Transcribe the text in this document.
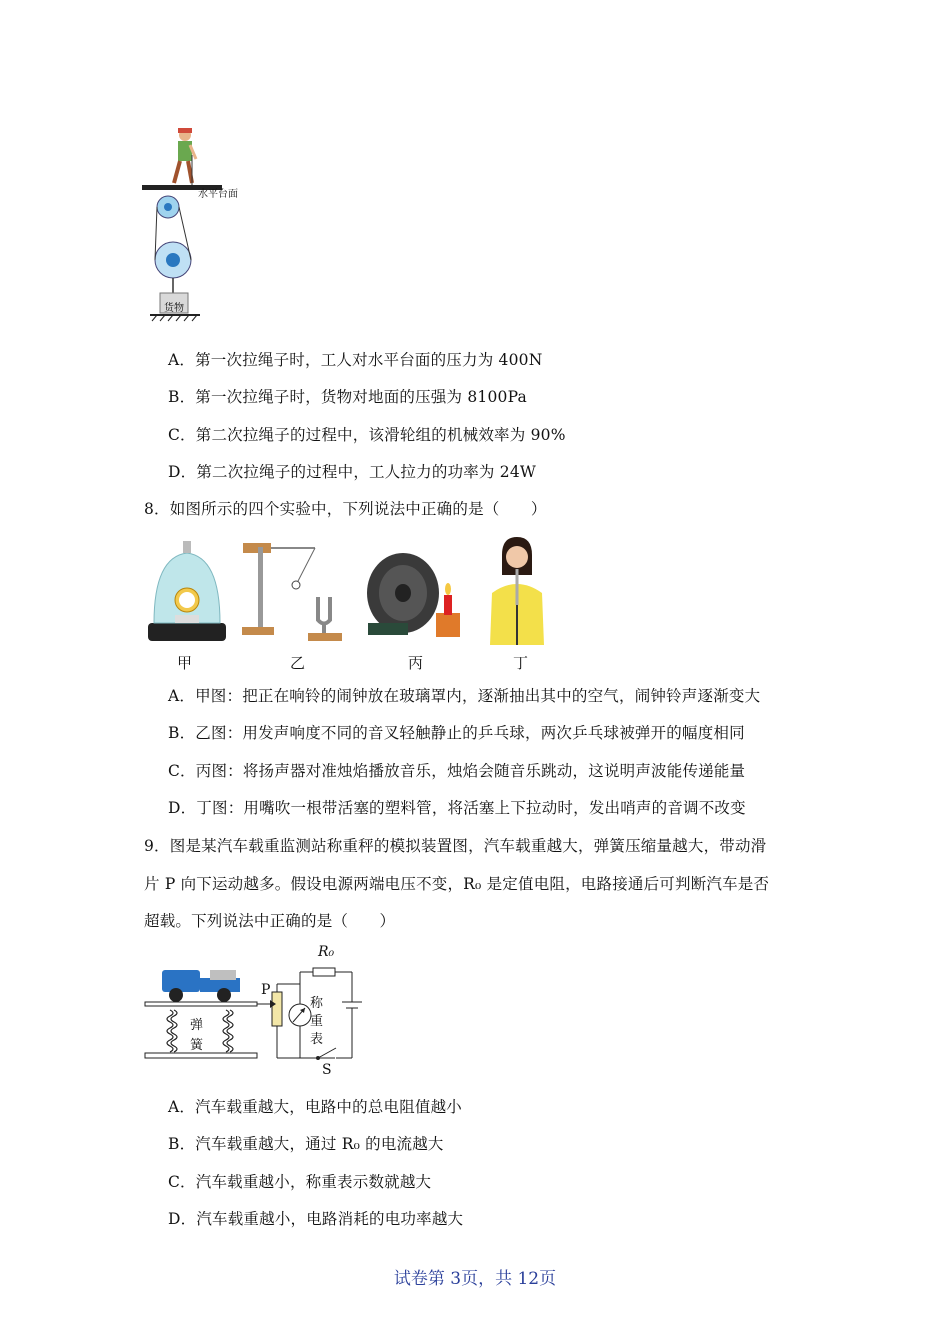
水平台面
货物
A．第一次拉绳子时，工人对水平台面的压力为 400N
B．第一次拉绳子时，货物对地面的压强为 8100Pa
C．第二次拉绳子的过程中，该滑轮组的机械效率为 90%
D．第二次拉绳子的过程中，工人拉力的功率为 24W
8．如图所示的四个实验中，下列说法中正确的是（　　）
甲	乙	丙	丁
A．甲图：把正在响铃的闹钟放在玻璃罩内，逐渐抽出其中的空气，闹钟铃声逐渐变大
B．乙图：用发声响度不同的音叉轻触静止的乒乓球，两次乒乓球被弹开的幅度相同
C．丙图：将扬声器对准烛焰播放音乐，烛焰会随音乐跳动，这说明声波能传递能量
D．丁图：用嘴吹一根带活塞的塑料管，将活塞上下拉动时，发出哨声的音调不改变
9．图是某汽车载重监测站称重秤的模拟装置图，汽车载重越大，弹簧压缩量越大，带动滑
片 P 向下运动越多。假设电源两端电压不变，R₀ 是定值电阻，电路接通后可判断汽车是否
超载。下列说法中正确的是（　　）
R₀
P
S
弹
簧
称
重
表
A．汽车载重越大，电路中的总电阻值越小
B．汽车载重越大，通过 R₀ 的电流越大
C．汽车载重越小，称重表示数就越大
D．汽车载重越小，电路消耗的电功率越大
试卷第 3页，共 12页
